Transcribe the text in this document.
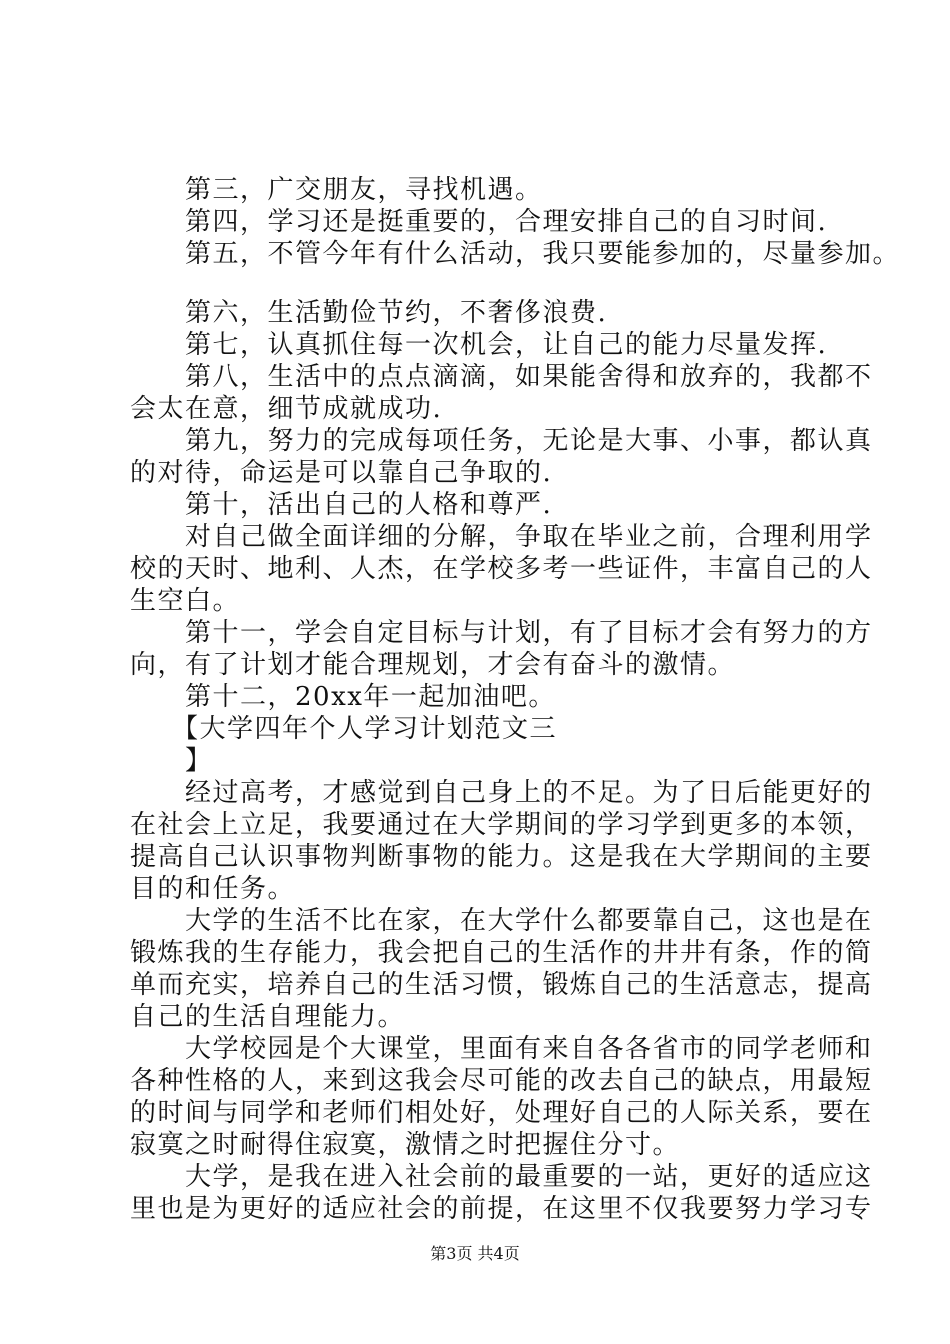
　　第三，广交朋友，寻找机遇。
　　第四，学习还是挺重要的，合理安排自己的自习时间.
　　第五，不管今年有什么活动，我只要能参加的，尽量参加。
　　第六，生活勤俭节约，不奢侈浪费.
　　第七，认真抓住每一次机会，让自己的能力尽量发挥.
　　第八，生活中的点点滴滴，如果能舍得和放弃的，我都不
会太在意，细节成就成功.
　　第九，努力的完成每项任务，无论是大事、小事，都认真
的对待，命运是可以靠自己争取的.
　　第十，活出自己的人格和尊严.
　　对自己做全面详细的分解，争取在毕业之前，合理利用学
校的天时、地利、人杰，在学校多考一些证件，丰富自己的人
生空白。
　　第十一，学会自定目标与计划，有了目标才会有努力的方
向，有了计划才能合理规划，才会有奋斗的激情。
　　第十二，20xx年一起加油吧。
　　【大学四年个人学习计划范文三
　　】
　　经过高考，才感觉到自己身上的不足。为了日后能更好的
在社会上立足，我要通过在大学期间的学习学到更多的本领，
提高自己认识事物判断事物的能力。这是我在大学期间的主要
目的和任务。
　　大学的生活不比在家，在大学什么都要靠自己，这也是在
锻炼我的生存能力，我会把自己的生活作的井井有条，作的简
单而充实，培养自己的生活习惯，锻炼自己的生活意志，提高
自己的生活自理能力。
　　大学校园是个大课堂，里面有来自各各省市的同学老师和
各种性格的人，来到这我会尽可能的改去自己的缺点，用最短
的时间与同学和老师们相处好，处理好自己的人际关系，要在
寂寞之时耐得住寂寞，激情之时把握住分寸。
　　大学，是我在进入社会前的最重要的一站，更好的适应这
里也是为更好的适应社会的前提，在这里不仅我要努力学习专
第3页 共4页
